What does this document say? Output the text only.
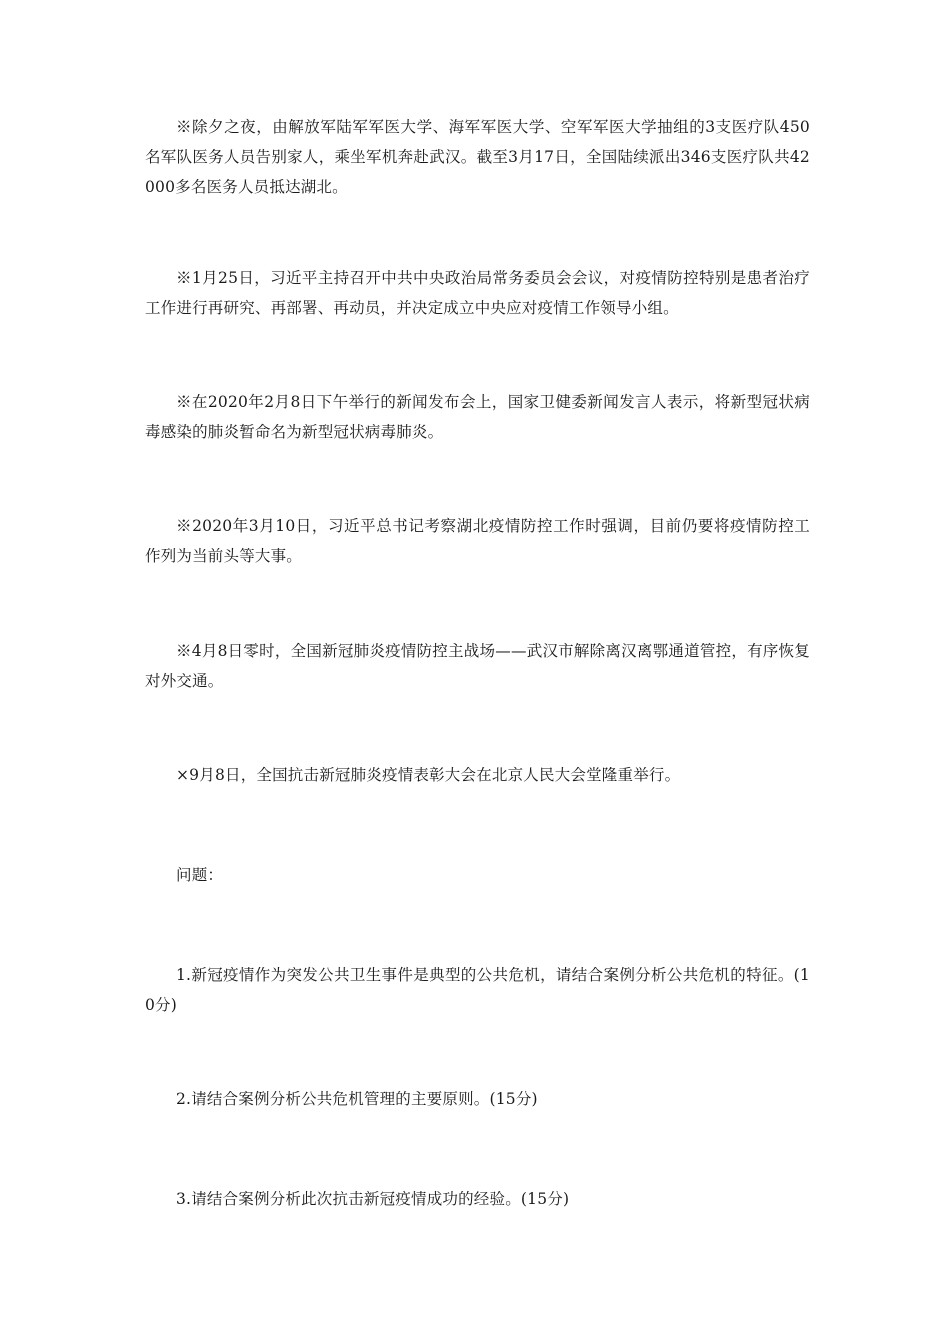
※除夕之夜，由解放军陆军军医大学、海军军医大学、空军军医大学抽组的3支医疗队450名军队医务人员告别家人，乘坐军机奔赴武汉。截至3月17日，全国陆续派出346支医疗队共42000多名医务人员抵达湖北。

※1月25日，习近平主持召开中共中央政治局常务委员会会议，对疫情防控特别是患者治疗工作进行再研究、再部署、再动员，并决定成立中央应对疫情工作领导小组。

※在2020年2月8日下午举行的新闻发布会上，国家卫健委新闻发言人表示，将新型冠状病毒感染的肺炎暂命名为新型冠状病毒肺炎。

※2020年3月10日，习近平总书记考察湖北疫情防控工作时强调，目前仍要将疫情防控工作列为当前头等大事。

※4月8日零时，全国新冠肺炎疫情防控主战场——武汉市解除离汉离鄂通道管控，有序恢复对外交通。

×9月8日，全国抗击新冠肺炎疫情表彰大会在北京人民大会堂隆重举行。

问题：

1.新冠疫情作为突发公共卫生事件是典型的公共危机，请结合案例分析公共危机的特征。(10分)

2.请结合案例分析公共危机管理的主要原则。(15分)

3.请结合案例分析此次抗击新冠疫情成功的经验。(15分)
